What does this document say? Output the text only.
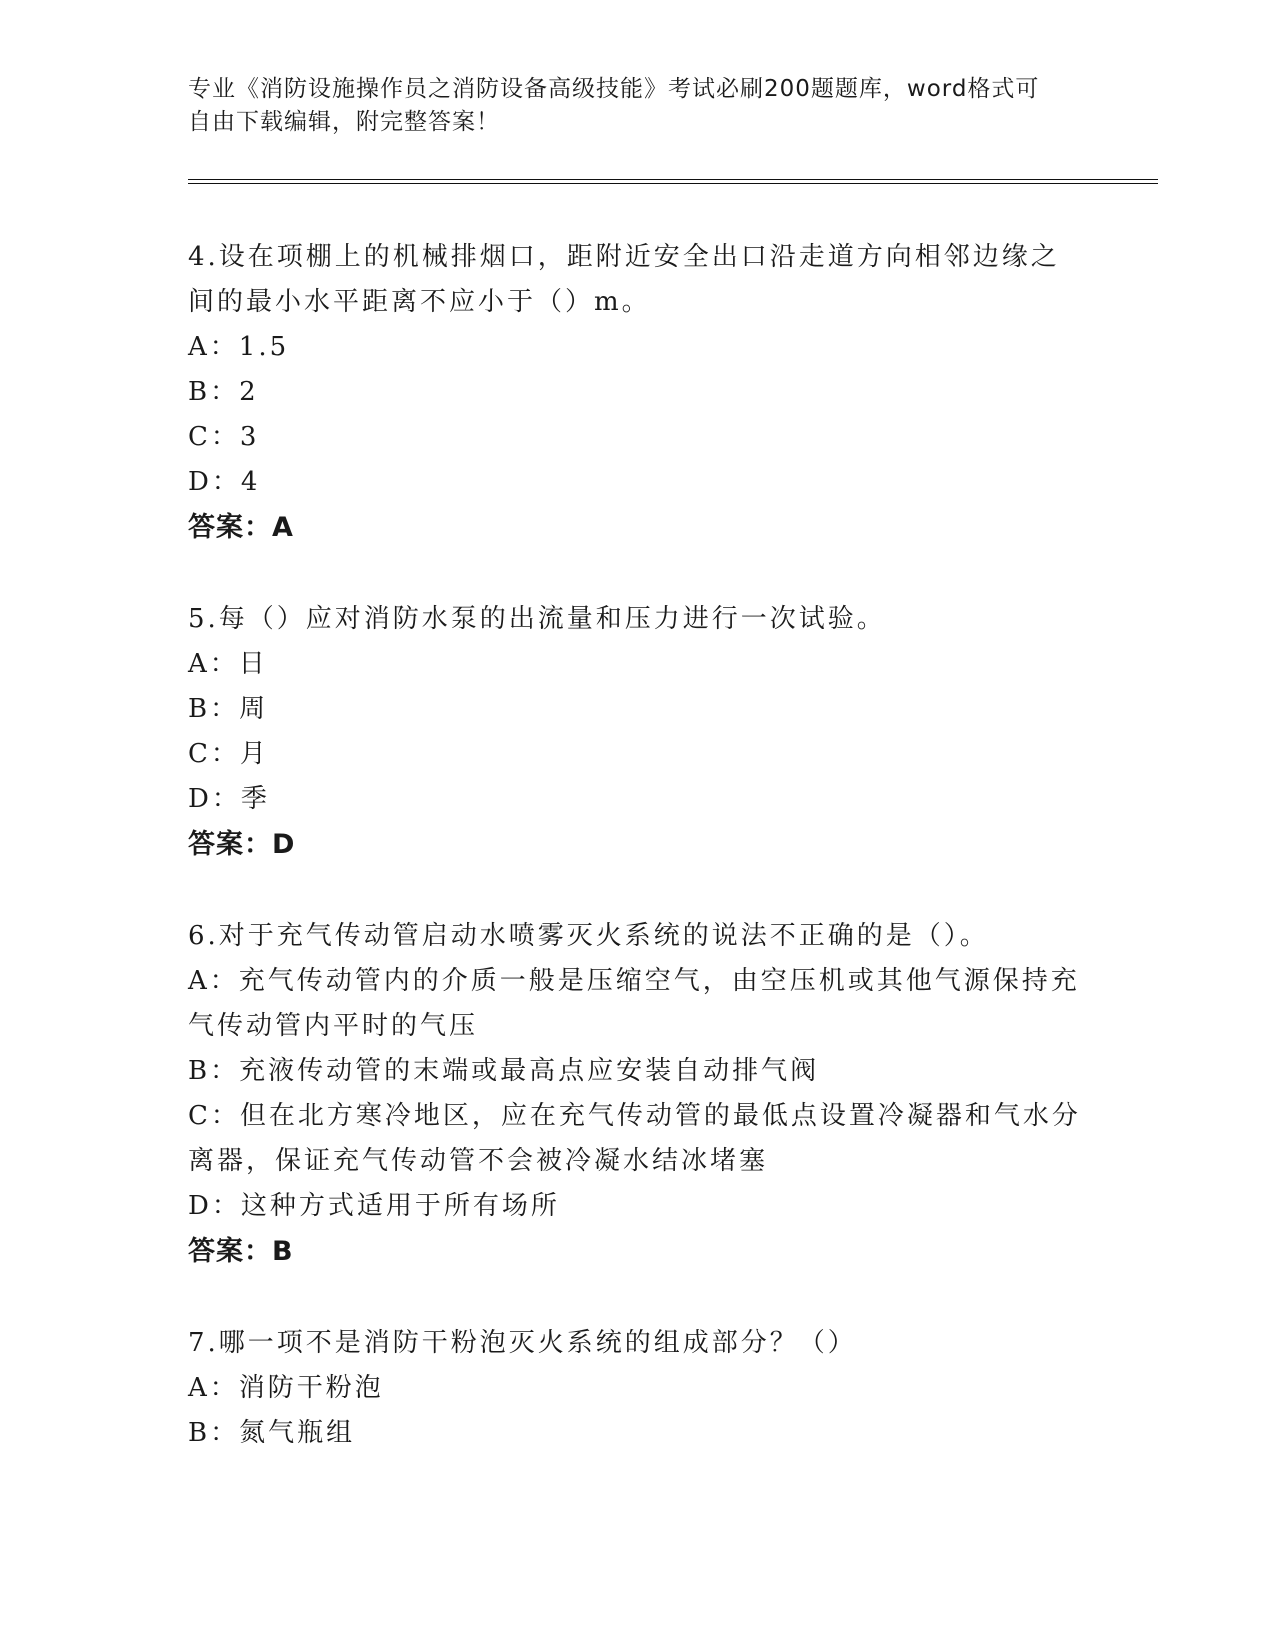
专业《消防设施操作员之消防设备高级技能》考试必刷200题题库，word格式可
自由下载编辑，附完整答案！
4.设在项棚上的机械排烟口，距附近安全出口沿走道方向相邻边缘之间的最小水平距离不应小于（）m。
A：1.5
B：2
C：3
D：4
答案：A
5.每（）应对消防水泵的出流量和压力进行一次试验。
A：日
B：周
C：月
D：季
答案：D
6.对于充气传动管启动水喷雾灭火系统的说法不正确的是（）。
A：充气传动管内的介质一般是压缩空气，由空压机或其他气源保持充气传动管内平时的气压
B：充液传动管的末端或最高点应安装自动排气阀
C：但在北方寒冷地区，应在充气传动管的最低点设置冷凝器和气水分离器，保证充气传动管不会被冷凝水结冰堵塞
D：这种方式适用于所有场所
答案：B
7.哪一项不是消防干粉泡灭火系统的组成部分？（）
A：消防干粉泡
B：氮气瓶组
